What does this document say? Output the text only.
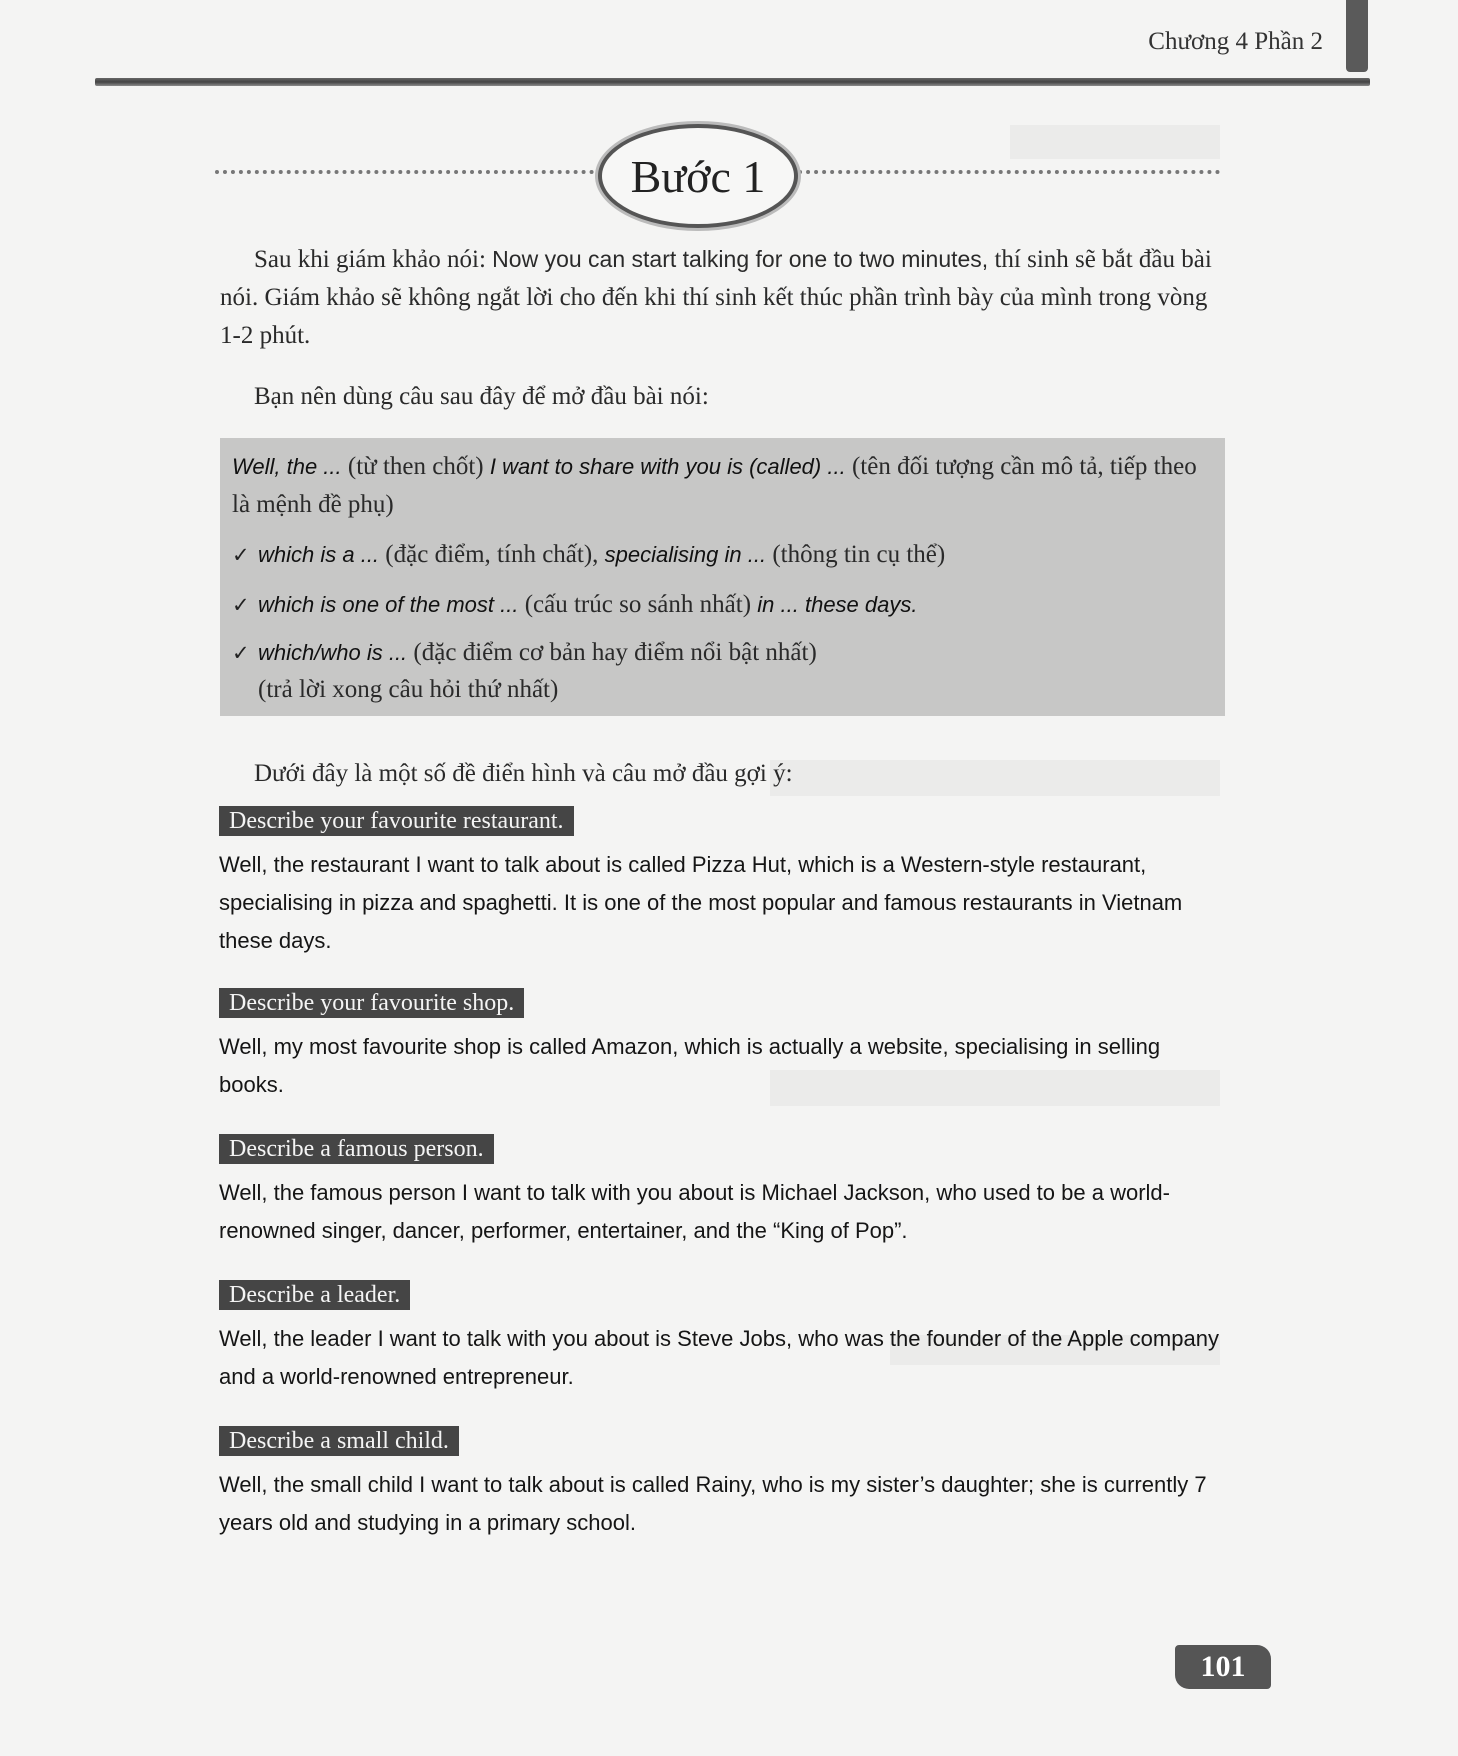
Chương 4 Phần 2
Bước 1
Sau khi giám khảo nói: Now you can start talking for one to two minutes, thí sinh sẽ bắt đầu bài nói. Giám khảo sẽ không ngắt lời cho đến khi thí sinh kết thúc phần trình bày của mình trong vòng 1-2 phút.
Bạn nên dùng câu sau đây để mở đầu bài nói:
Well, the ... (từ then chốt) I want to share with you is (called) ... (tên đối tượng cần mô tả, tiếp theo là mệnh đề phụ)
✓ which is a ... (đặc điểm, tính chất), specialising in ... (thông tin cụ thể)
✓ which is one of the most ... (cấu trúc so sánh nhất) in ... these days.
✓ which/who is ... (đặc điểm cơ bản hay điểm nổi bật nhất)
(trả lời xong câu hỏi thứ nhất)
Dưới đây là một số đề điển hình và câu mở đầu gợi ý:
Describe your favourite restaurant.
Well, the restaurant I want to talk about is called Pizza Hut, which is a Western-style restaurant, specialising in pizza and spaghetti. It is one of the most popular and famous restaurants in Vietnam these days.
Describe your favourite shop.
Well, my most favourite shop is called Amazon, which is actually a website, specialising in selling books.
Describe a famous person.
Well, the famous person I want to talk with you about is Michael Jackson, who used to be a world-renowned singer, dancer, performer, entertainer, and the “King of Pop”.
Describe a leader.
Well, the leader I want to talk with you about is Steve Jobs, who was the founder of the Apple company and a world-renowned entrepreneur.
Describe a small child.
Well, the small child I want to talk about is called Rainy, who is my sister’s daughter; she is currently 7 years old and studying in a primary school.
101
